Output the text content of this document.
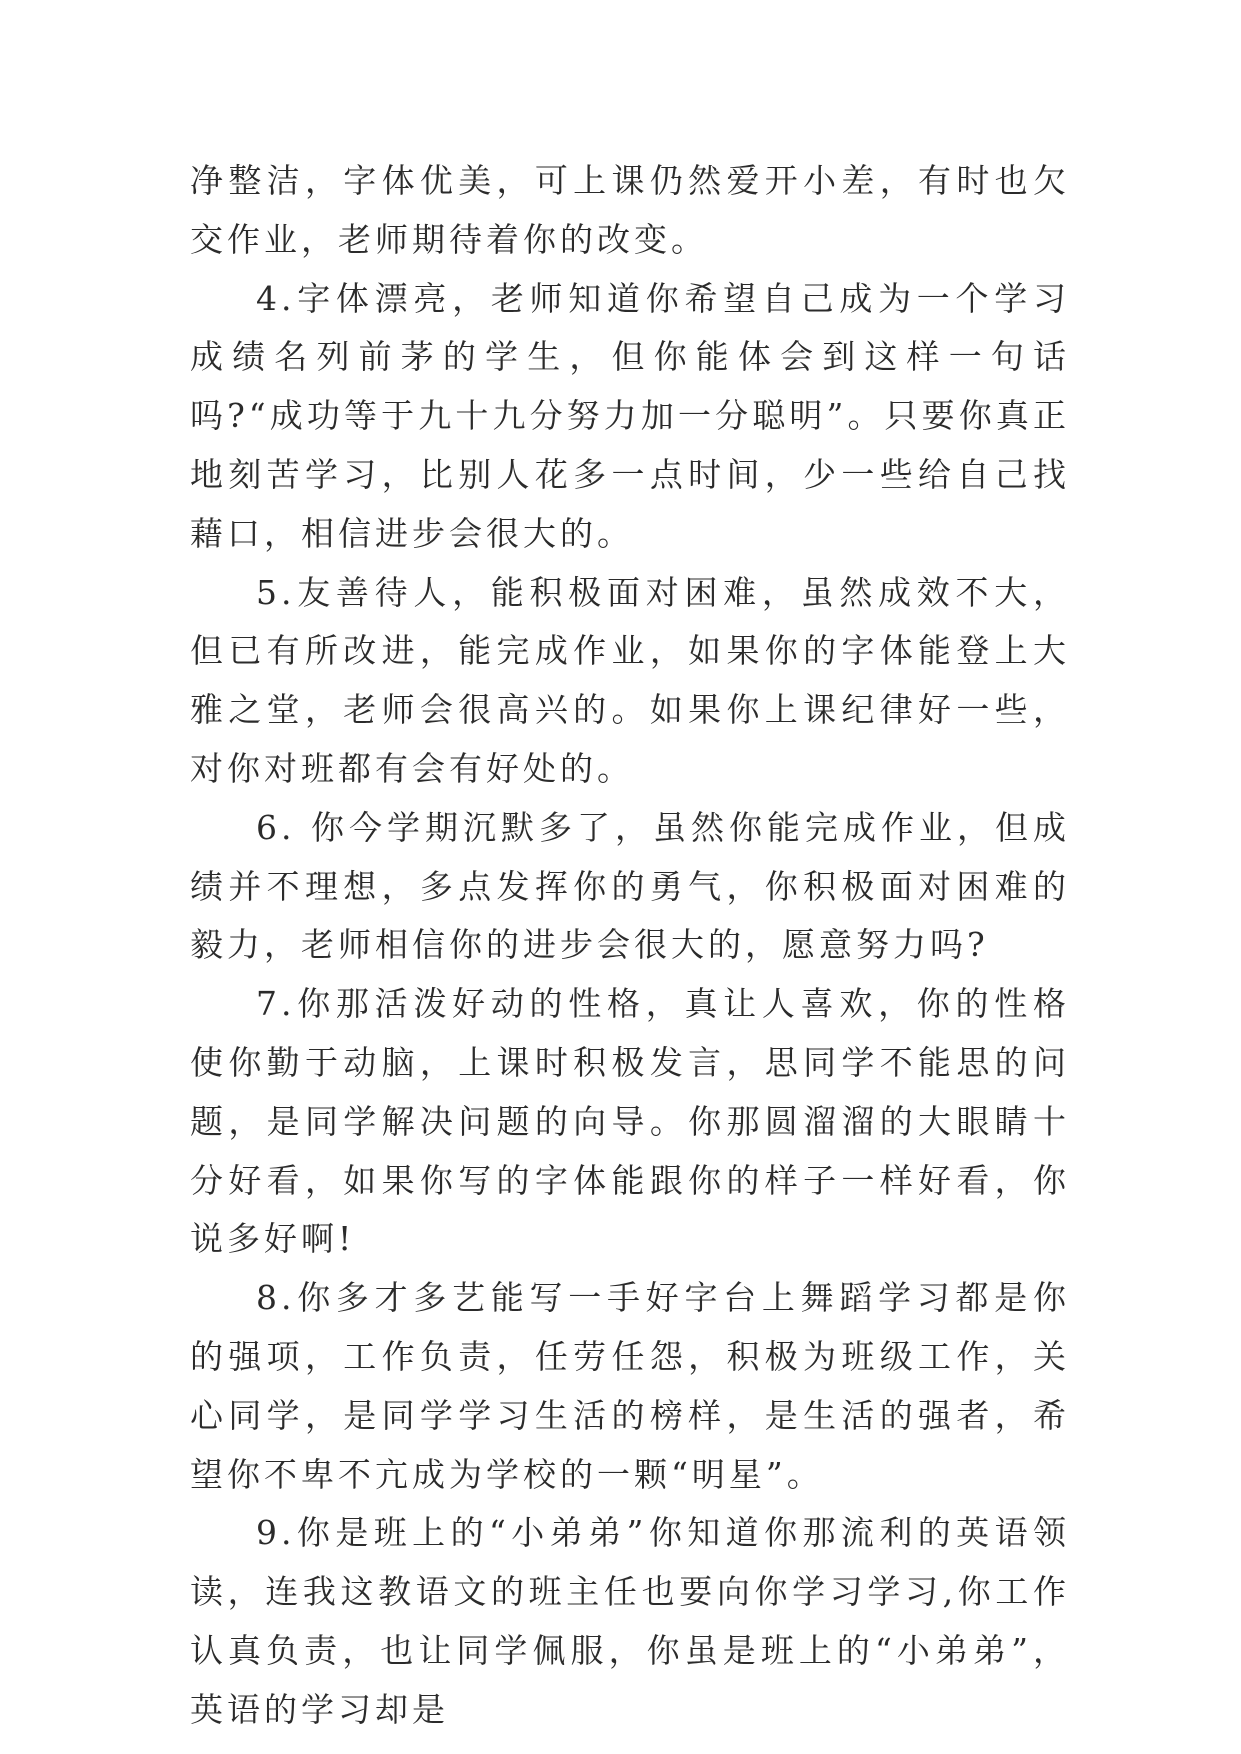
净整洁，字体优美，可上课仍然爱开小差，有时也欠交作业，老师期待着你的改变。

4.字体漂亮，老师知道你希望自己成为一个学习成绩名列前茅的学生，但你能体会到这样一句话吗?“成功等于九十九分努力加一分聪明”。只要你真正地刻苦学习，比别人花多一点时间，少一些给自己找藉口，相信进步会很大的。

5.友善待人，能积极面对困难，虽然成效不大，但已有所改进，能完成作业，如果你的字体能登上大雅之堂，老师会很高兴的。如果你上课纪律好一些，对你对班都有会有好处的。

6. 你今学期沉默多了，虽然你能完成作业，但成绩并不理想，多点发挥你的勇气，你积极面对困难的毅力，老师相信你的进步会很大的，愿意努力吗?

7.你那活泼好动的性格，真让人喜欢，你的性格使你勤于动脑，上课时积极发言，思同学不能思的问题，是同学解决问题的向导。你那圆溜溜的大眼睛十分好看，如果你写的字体能跟你的样子一样好看，你说多好啊!

8.你多才多艺能写一手好字台上舞蹈学习都是你的强项，工作负责，任劳任怨，积极为班级工作，关心同学，是同学学习生活的榜样，是生活的强者，希望你不卑不亢成为学校的一颗“明星”。

9.你是班上的“小弟弟”你知道你那流利的英语领读，连我这教语文的班主任也要向你学习学习,你工作认真负责，也让同学佩服，你虽是班上的“小弟弟”，英语的学习却是
